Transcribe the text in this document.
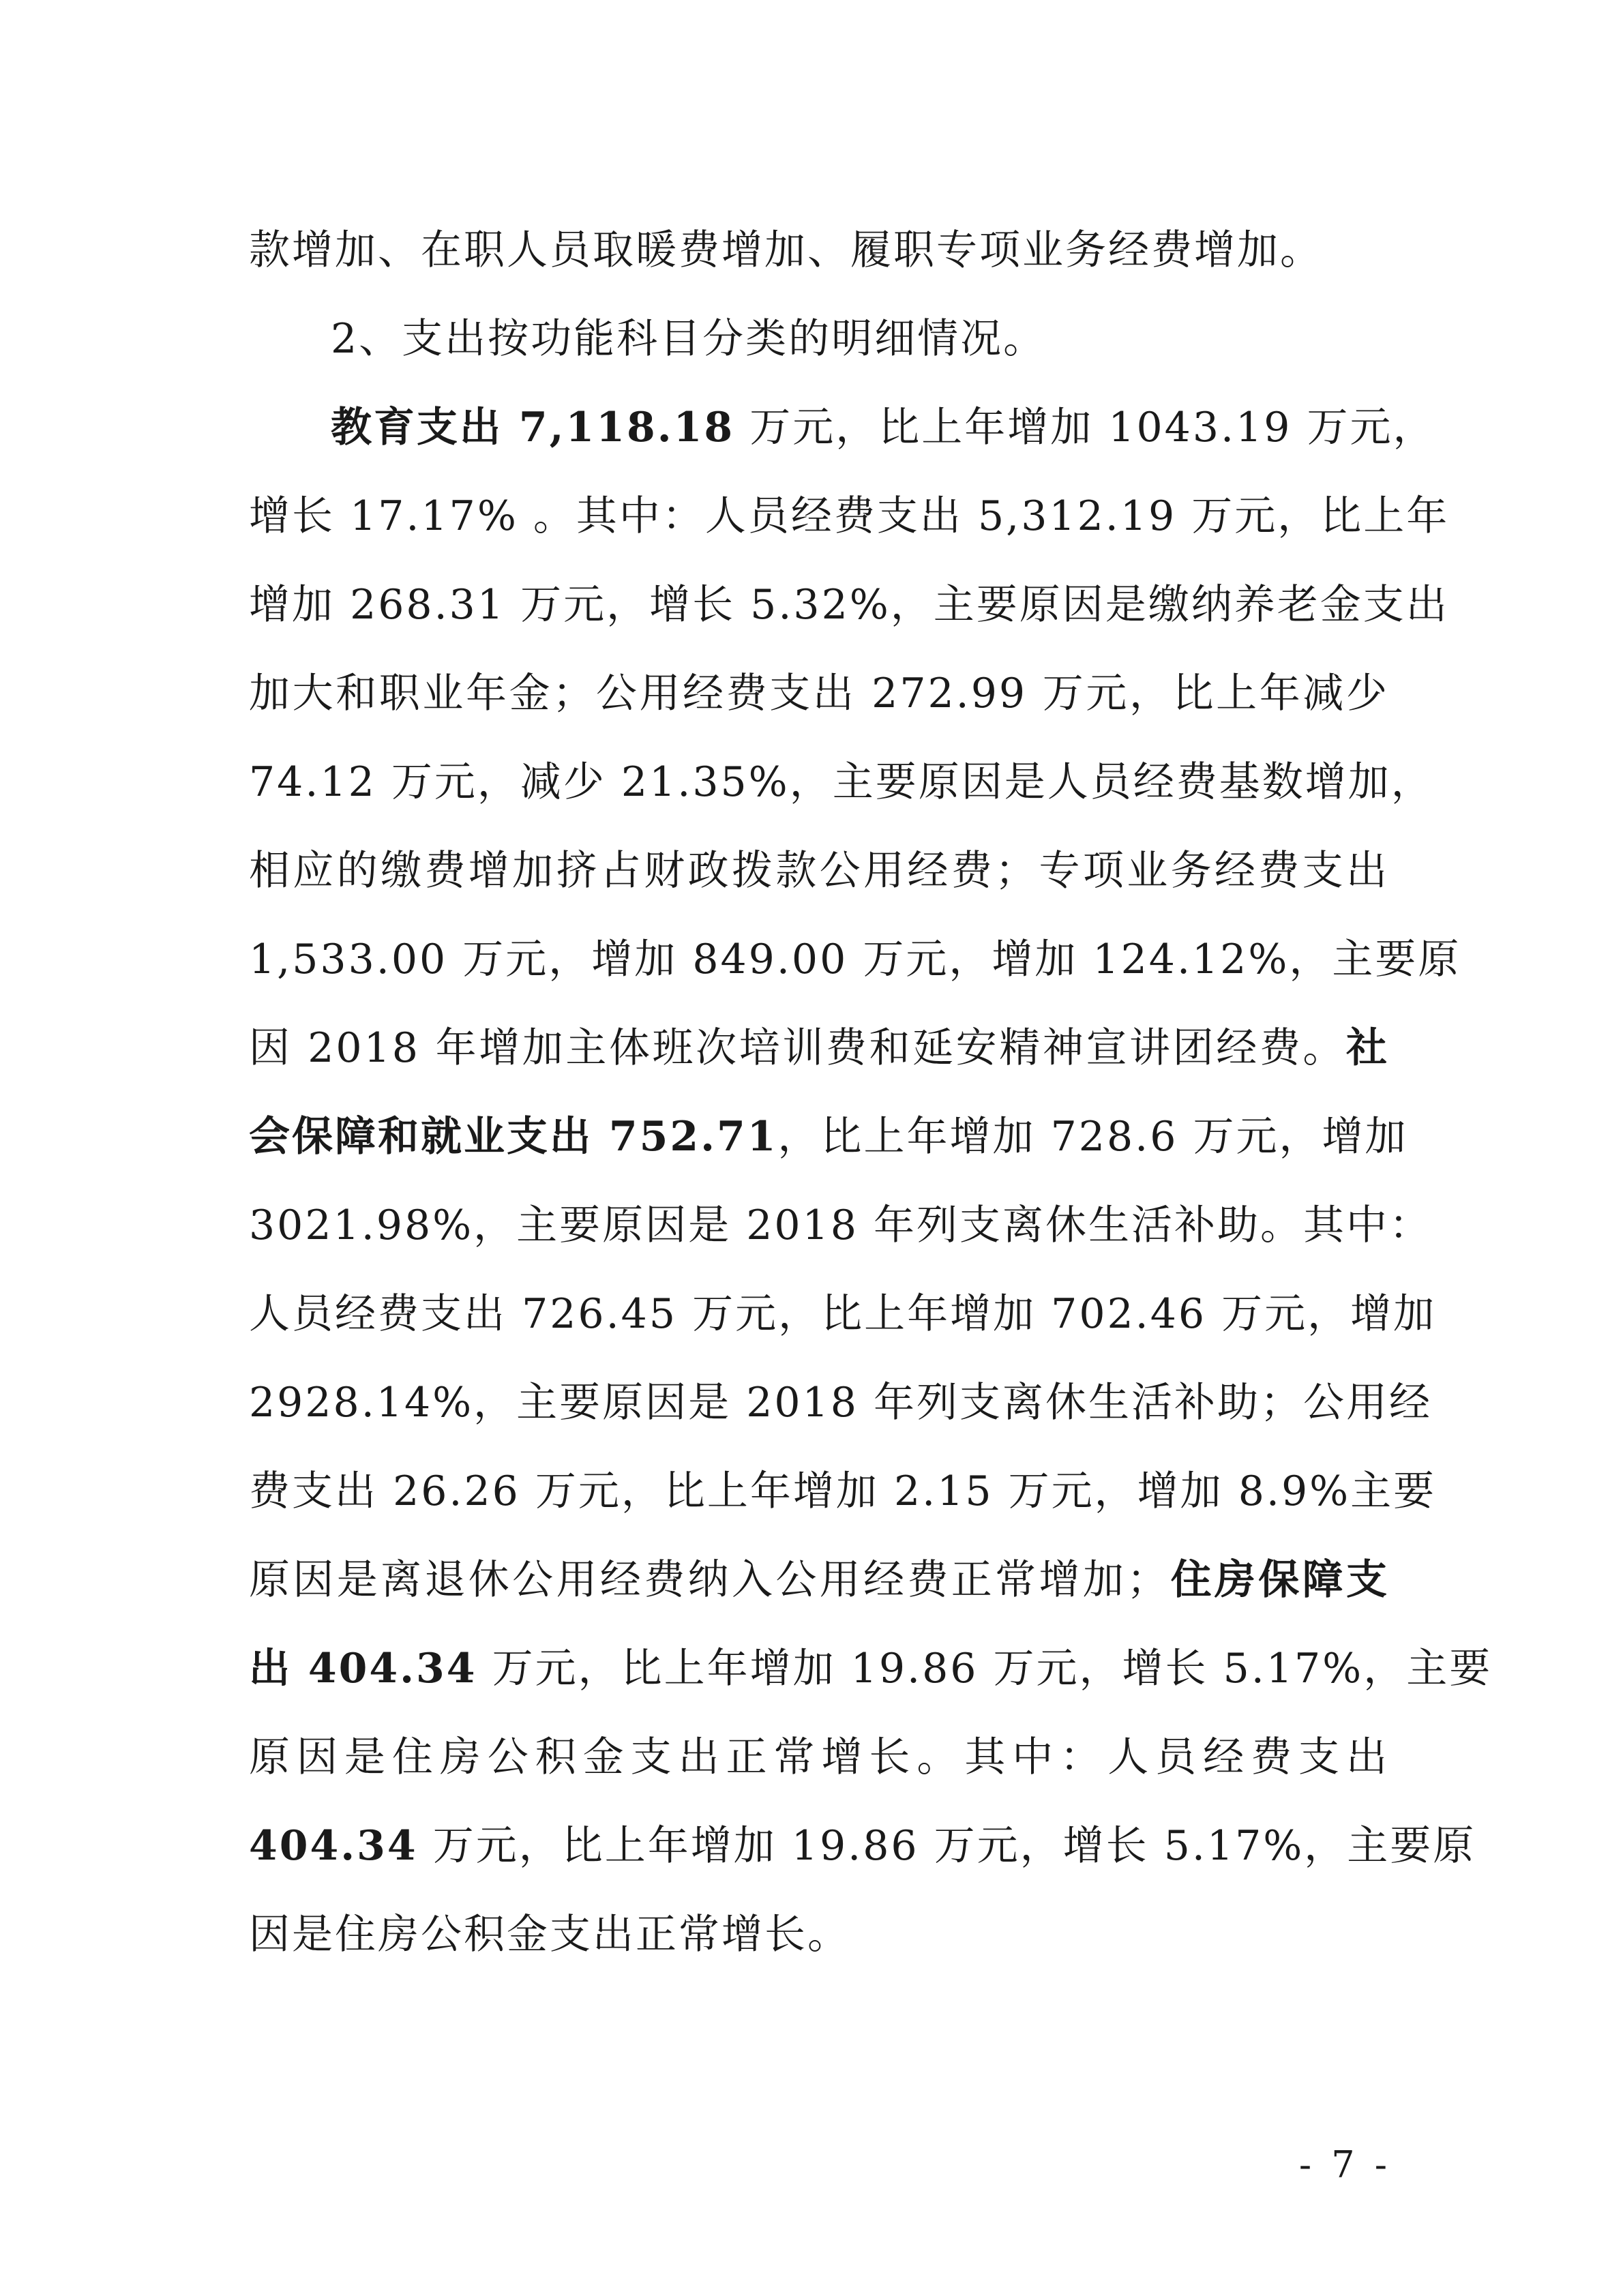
款增加、在职人员取暖费增加、履职专项业务经费增加。
2、支出按功能科目分类的明细情况。
教育支出 7,118.18 万元，比上年增加 1043.19 万元，
增长 17.17% 。其中：人员经费支出 5,312.19 万元，比上年
增加 268.31 万元，增长 5.32%，主要原因是缴纳养老金支出
加大和职业年金；公用经费支出 272.99 万元，比上年减少
74.12 万元，减少 21.35%，主要原因是人员经费基数增加，
相应的缴费增加挤占财政拨款公用经费；专项业务经费支出
1,533.00 万元，增加 849.00 万元，增加 124.12%，主要原
因 2018 年增加主体班次培训费和延安精神宣讲团经费。社
会保障和就业支出 752.71，比上年增加 728.6 万元，增加
3021.98%，主要原因是 2018 年列支离休生活补助。其中：
人员经费支出 726.45 万元，比上年增加 702.46 万元，增加
2928.14%，主要原因是 2018 年列支离休生活补助；公用经
费支出 26.26 万元，比上年增加 2.15 万元，增加 8.9%主要
原因是离退休公用经费纳入公用经费正常增加；住房保障支
出 404.34 万元，比上年增加 19.86 万元，增长 5.17%，主要
原因是住房公积金支出正常增长。其中：人员经费支出
404.34 万元，比上年增加 19.86 万元，增长 5.17%，主要原
因是住房公积金支出正常增长。
- 7 -
